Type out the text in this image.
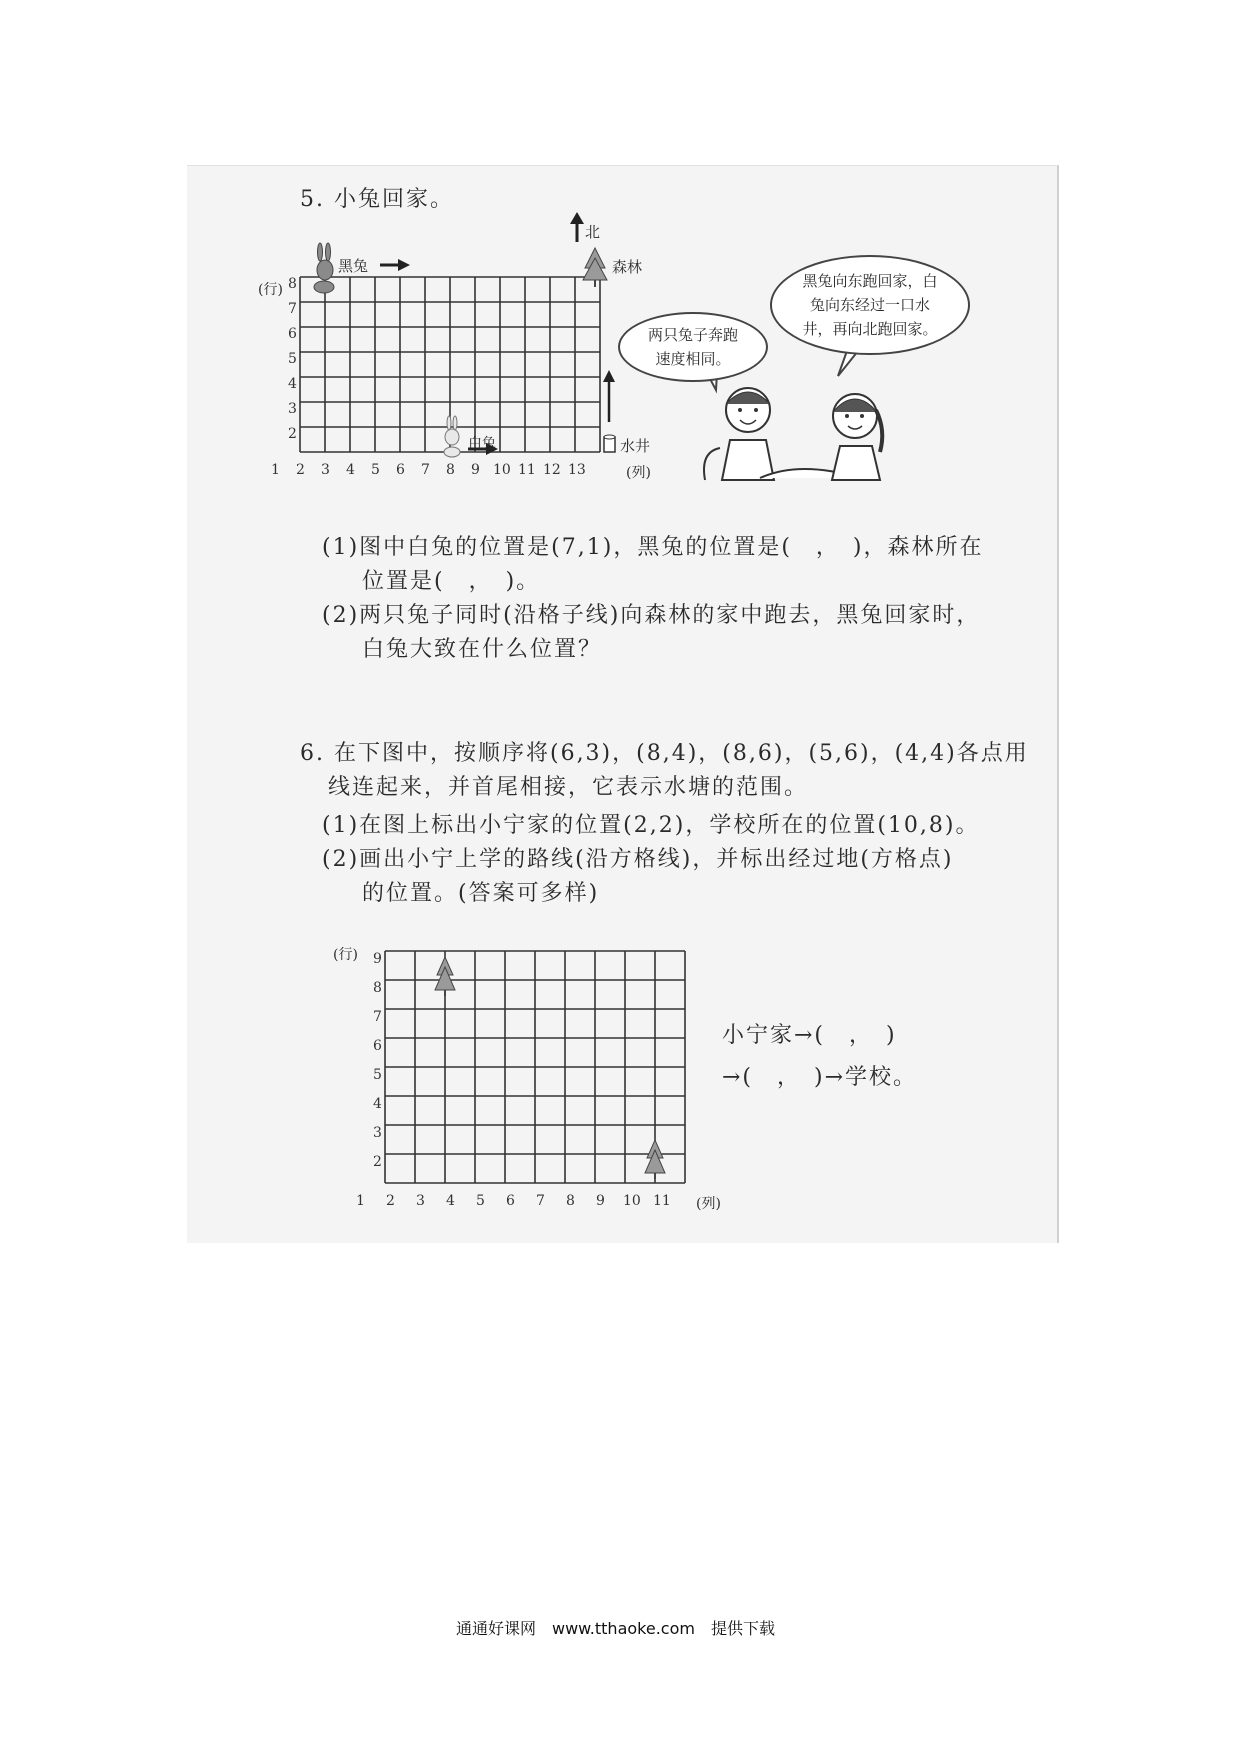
5. 小兔回家。
黑兔
北
森林
白兔	水井
(行)
(列)
8
7
6
5
4
3
2
1 2 3 4 5 6 7 8 9 10 11 12 13
两只兔子奔跑
速度相同。
黑兔向东跑回家，白
兔向东经过一口水
井，再向北跑回家。
(1)图中白兔的位置是(7,1)，黑兔的位置是(　，　)，森林所在
位置是(　，　)。
(2)两只兔子同时(沿格子线)向森林的家中跑去，黑兔回家时，
白兔大致在什么位置？
6. 在下图中，按顺序将(6,3)，(8,4)，(8,6)，(5,6)，(4,4)各点用
线连起来，并首尾相接，它表示水塘的范围。
(1)在图上标出小宁家的位置(2,2)，学校所在的位置(10,8)。
(2)画出小宁上学的路线(沿方格线)，并标出经过地(方格点)
的位置。(答案可多样)
(行)
(列)
9
8
7
6
5
4
3
2
1 2 3 4 5 6 7 8 9 10 11
小宁家→(　，　)
→(　，　)→学校。
通通好课网　www.tthaoke.com　提供下载
